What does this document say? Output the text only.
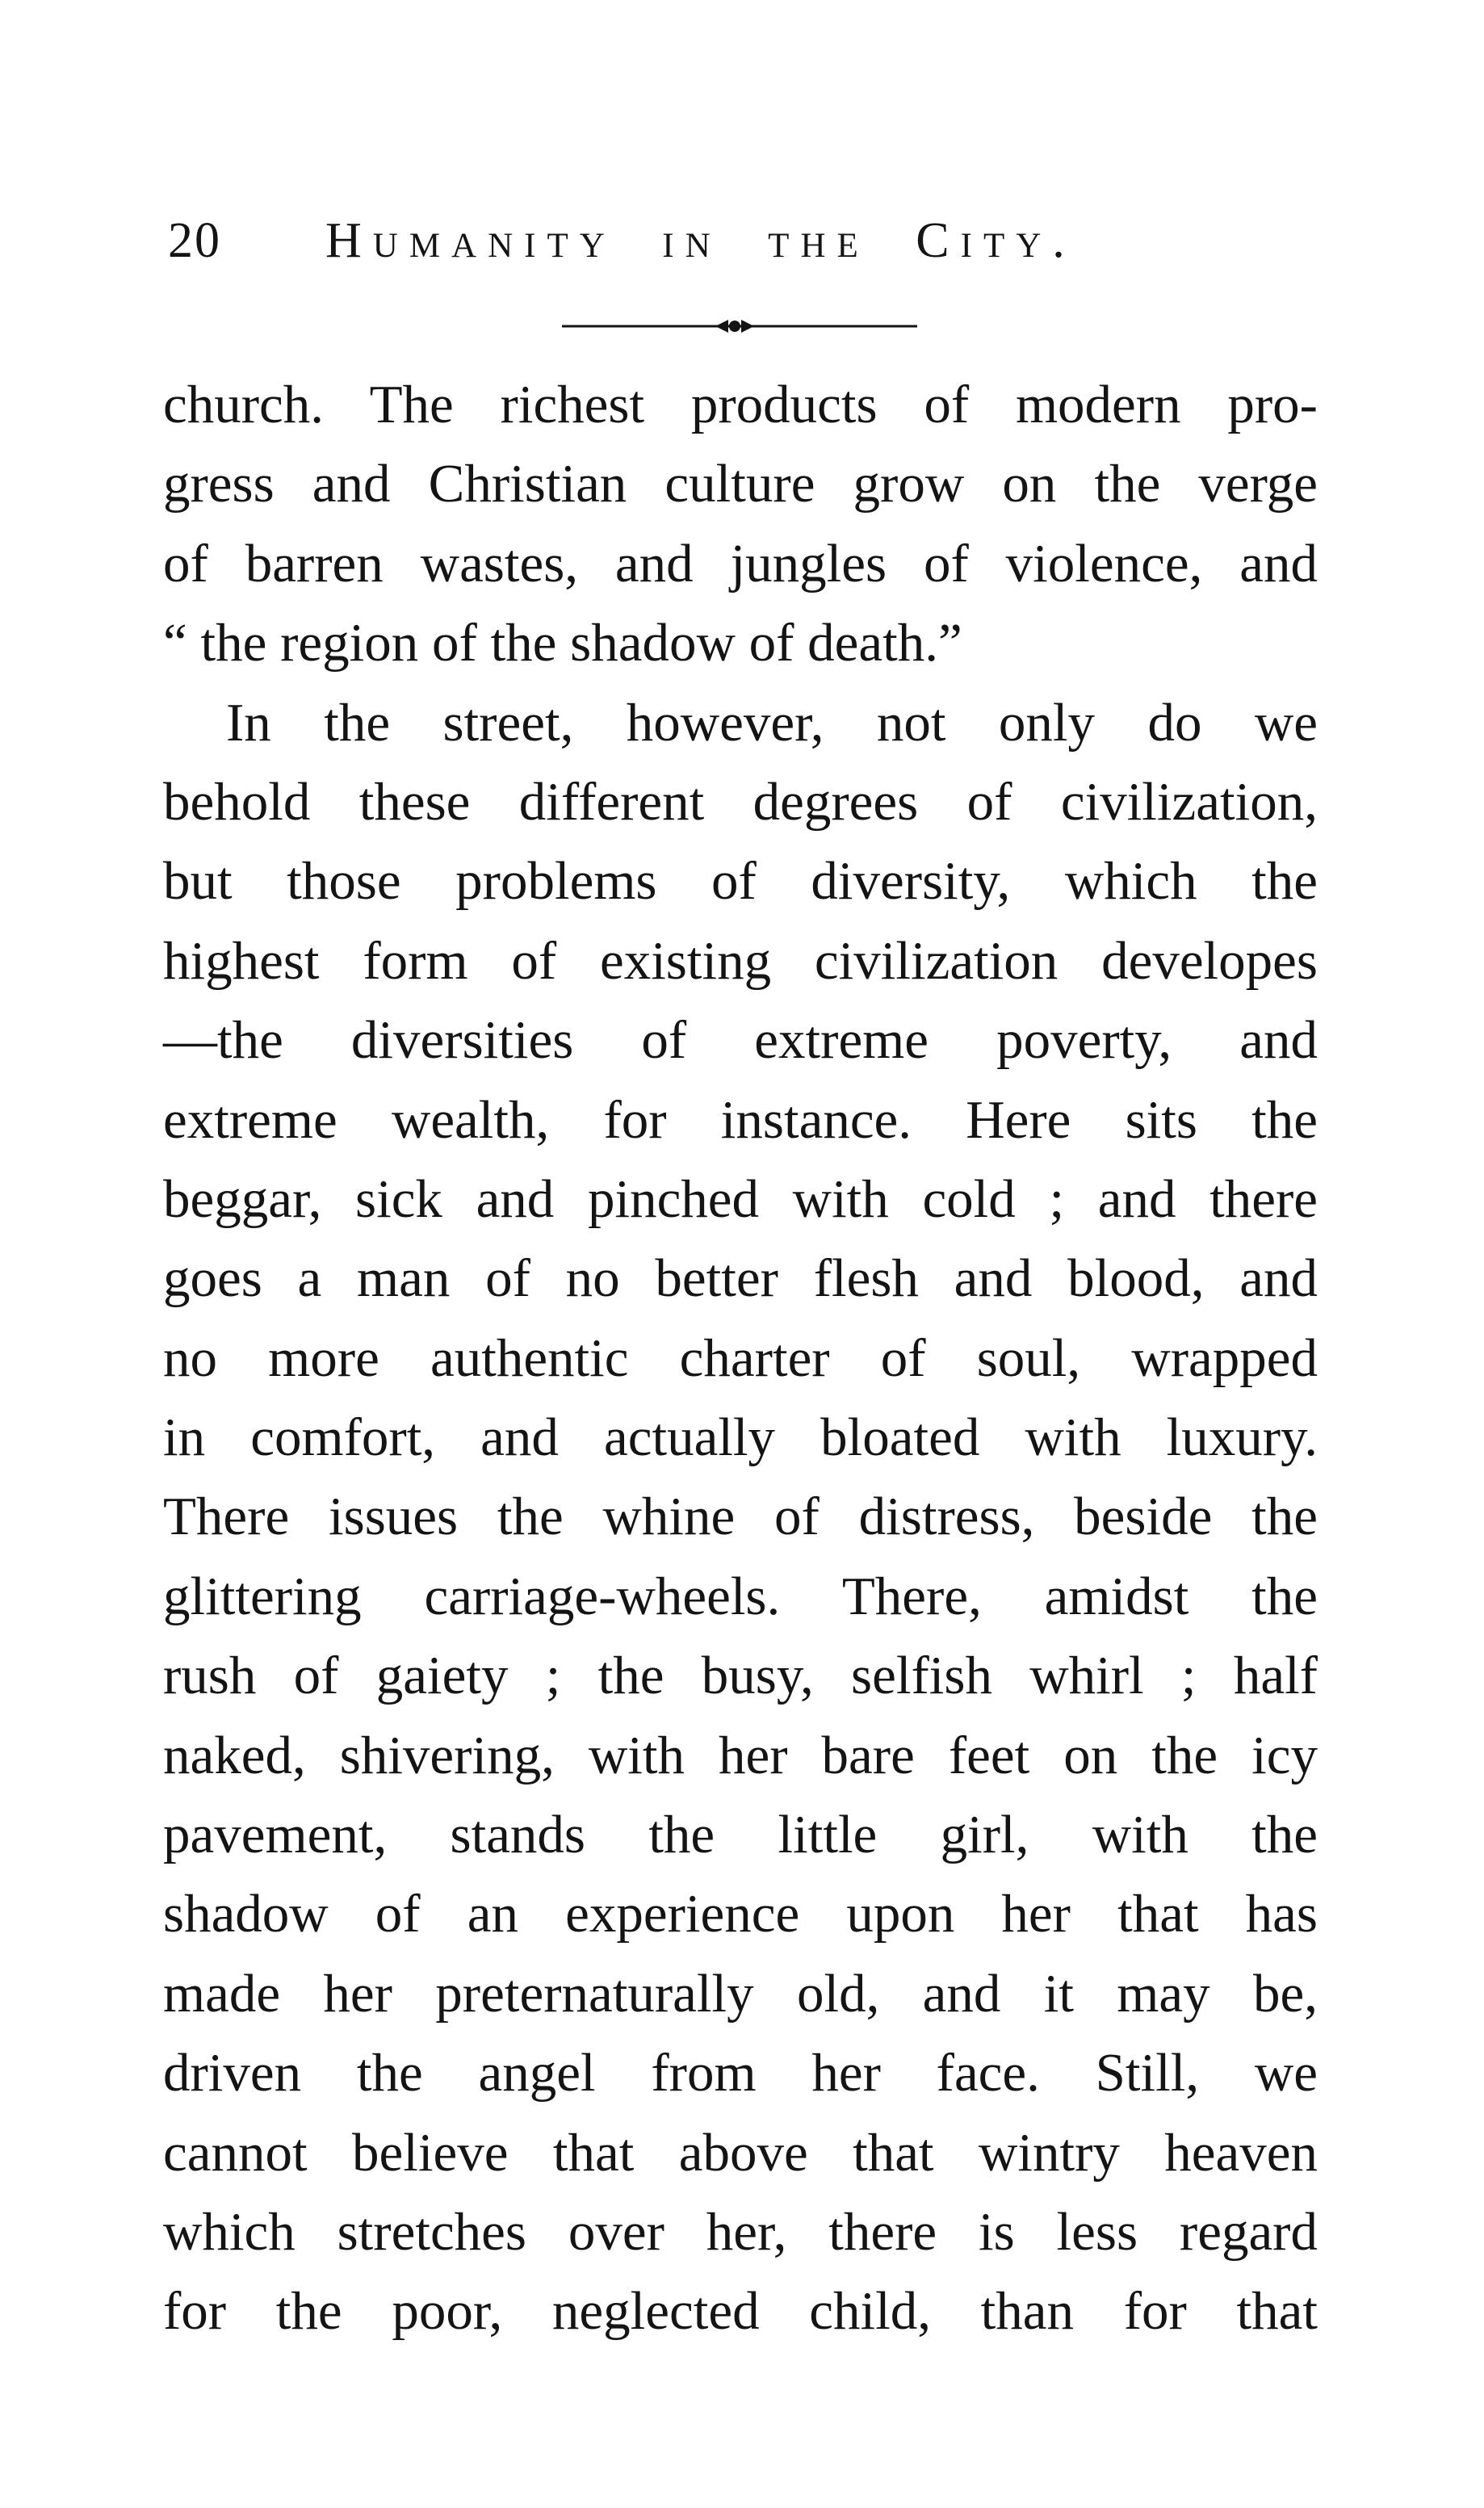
20	Humanity in the City.
church. The richest products of modern pro-
gress and Christian culture grow on the verge
of barren wastes, and jungles of violence, and
“ the region of the shadow of death.”
In the street, however, not only do we
behold these different degrees of civilization,
but those problems of diversity, which the
highest form of existing civilization developes
—the diversities of extreme poverty, and
extreme wealth, for instance. Here sits the
beggar, sick and pinched with cold ; and there
goes a man of no better flesh and blood, and
no more authentic charter of soul, wrapped
in comfort, and actually bloated with luxury.
There issues the whine of distress, beside the
glittering carriage-wheels. There, amidst the
rush of gaiety ; the busy, selfish whirl ; half
naked, shivering, with her bare feet on the icy
pavement, stands the little girl, with the
shadow of an experience upon her that has
made her preternaturally old, and it may be,
driven the angel from her face. Still, we
cannot believe that above that wintry heaven
which stretches over her, there is less regard
for the poor, neglected child, than for that
